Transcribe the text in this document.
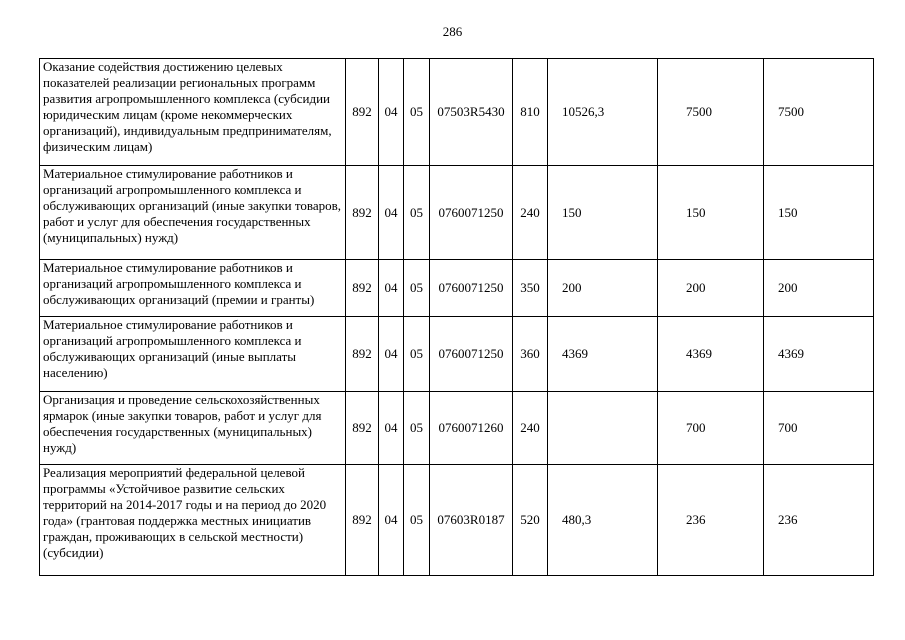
286
Оказание содействия достижению целевых показателей реализации региональных программ развития агропромышленного комплекса (субсидии юридическим лицам (кроме некоммерческих организаций), индивидуальным предпринимателям, физическим лицам)	892	04	05	07503R5430	810	10526,3	7500	7500
Материальное стимулирование работников и организаций агропромышленного комплекса и обслуживающих организаций (иные закупки товаров, работ и услуг для обеспечения государственных (муниципальных) нужд)	892	04	05	0760071250	240	150	150	150
Материальное стимулирование работников и организаций агропромышленного комплекса и обслуживающих организаций (премии и гранты)	892	04	05	0760071250	350	200	200	200
Материальное стимулирование работников и организаций агропромышленного комплекса и обслуживающих организаций (иные выплаты населению)	892	04	05	0760071250	360	4369	4369	4369
Организация и проведение сельскохозяйственных ярмарок (иные закупки товаров, работ и услуг для обеспечения государственных (муниципальных) нужд)	892	04	05	0760071260	240		700	700
Реализация мероприятий федеральной целевой программы «Устойчивое развитие сельских территорий на 2014-2017 годы и на период до 2020 года» (грантовая поддержка местных инициатив граждан, проживающих в сельской местности) (субсидии)	892	04	05	07603R0187	520	480,3	236	236
